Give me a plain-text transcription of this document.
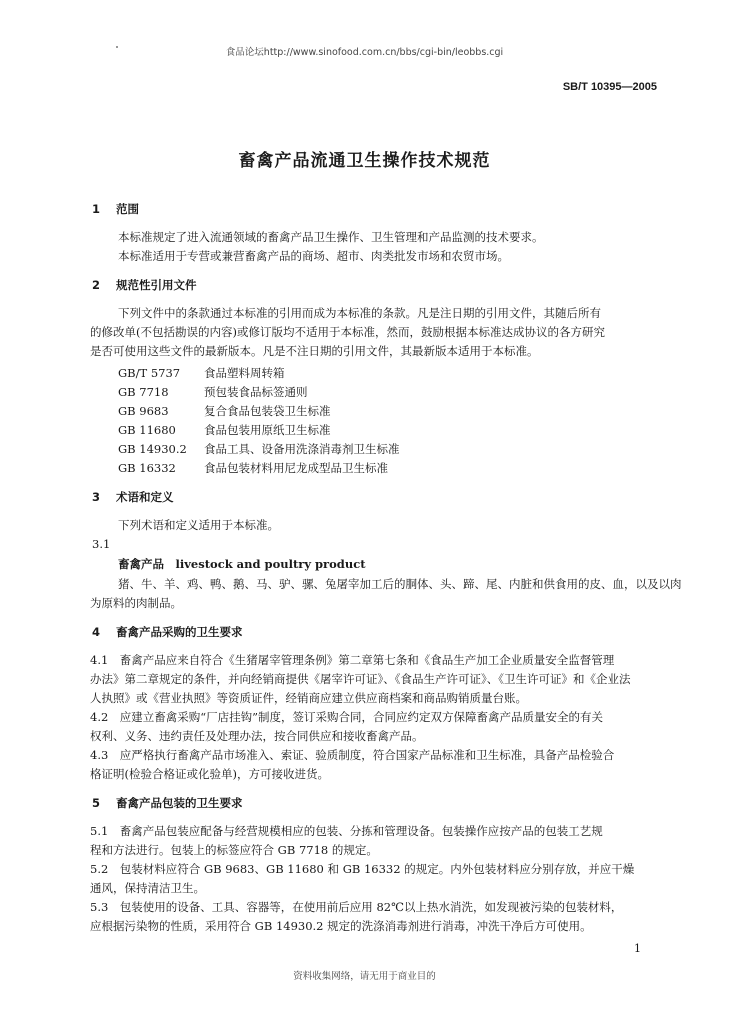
食品论坛http://www.sinofood.com.cn/bbs/cgi-bin/leobbs.cgi
SB/T 10395—2005
畜禽产品流通卫生操作技术规范
1 范围
本标准规定了进入流通领域的畜禽产品卫生操作、卫生管理和产品监测的技术要求。
本标准适用于专营或兼营畜禽产品的商场、超市、肉类批发市场和农贸市场。
2 规范性引用文件
下列文件中的条款通过本标准的引用而成为本标准的条款。凡是注日期的引用文件，其随后所有
的修改单(不包括勘误的内容)或修订版均不适用于本标准，然而，鼓励根据本标准达成协议的各方研究
是否可使用这些文件的最新版本。凡是不注日期的引用文件，其最新版本适用于本标准。
GB/T 5737 食品塑料周转箱
GB 7718	预包装食品标签通则
GB 9683	复合食品包装袋卫生标准
GB 11680 食品包装用原纸卫生标准
GB 14930.2 食品工具、设备用洗涤消毒剂卫生标准
GB 16332 食品包装材料用尼龙成型品卫生标准
3 术语和定义
下列术语和定义适用于本标准。
3.1
畜禽产品　livestock and poultry product
猪、牛、羊、鸡、鸭、鹅、马、驴、骡、兔屠宰加工后的胴体、头、蹄、尾、内脏和供食用的皮、血，以及以肉
为原料的肉制品。
4 畜禽产品采购的卫生要求
4.1　畜禽产品应来自符合《生猪屠宰管理条例》第二章第七条和《食品生产加工企业质量安全监督管理
办法》第二章规定的条件，并向经销商提供《屠宰许可证》、《食品生产许可证》、《卫生许可证》和《企业法
人执照》或《营业执照》等资质证件，经销商应建立供应商档案和商品购销质量台账。
4.2　应建立畜禽采购“厂店挂钩”制度，签订采购合同，合同应约定双方保障畜禽产品质量安全的有关
权利、义务、违约责任及处理办法，按合同供应和接收畜禽产品。
4.3　应严格执行畜禽产品市场准入、索证、验质制度，符合国家产品标准和卫生标准，具备产品检验合
格证明(检验合格证或化验单)，方可接收进货。
5 畜禽产品包装的卫生要求
5.1　畜禽产品包装应配备与经营规模相应的包装、分拣和管理设备。包装操作应按产品的包装工艺规
程和方法进行。包装上的标签应符合 GB 7718 的规定。
5.2　包装材料应符合 GB 9683、GB 11680 和 GB 16332 的规定。内外包装材料应分别存放，并应干燥
通风，保持清洁卫生。
5.3　包装使用的设备、工具、容器等，在使用前后应用 82℃以上热水消洗，如发现被污染的包装材料，
应根据污染物的性质，采用符合 GB 14930.2 规定的洗涤消毒剂进行消毒，冲洗干净后方可使用。
1
资料收集网络，请无用于商业目的
